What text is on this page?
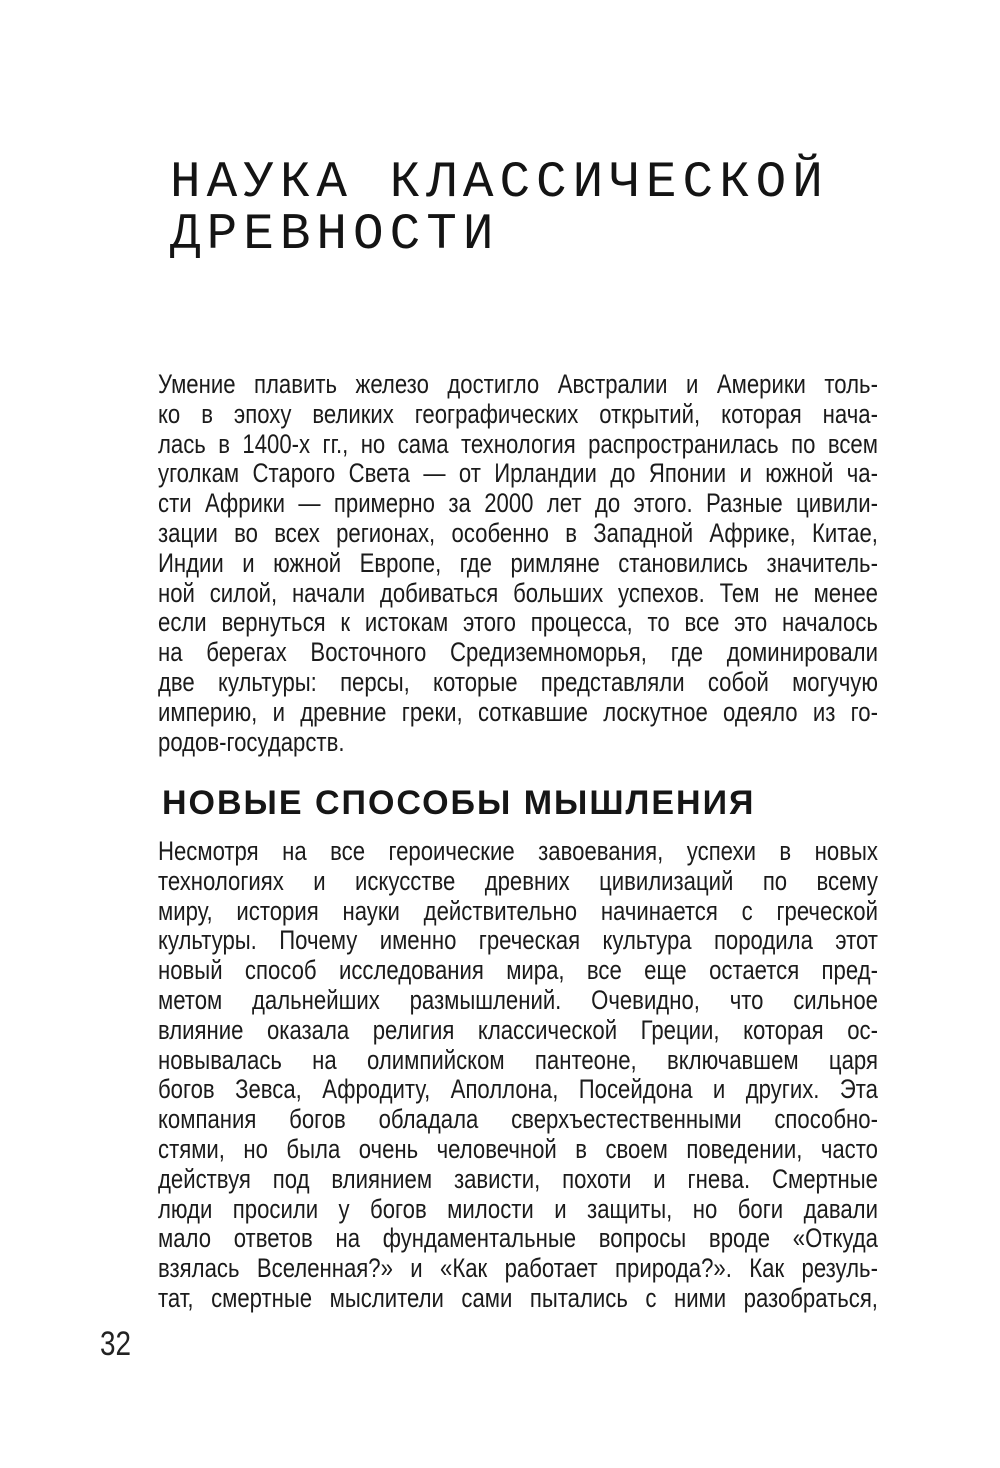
НАУКА КЛАССИЧЕСКОЙ
ДРЕВНОСТИ
Умение плавить железо достигло Австралии и Америки толь-
ко в эпоху великих географических открытий, которая нача-
лась в 1400-х гг., но сама технология распространилась по всем
уголкам Старого Света — от Ирландии до Японии и южной ча-
сти Африки — примерно за 2000 лет до этого. Разные цивили-
зации во всех регионах, особенно в Западной Африке, Китае,
Индии и южной Европе, где римляне становились значитель-
ной силой, начали добиваться больших успехов. Тем не менее
если вернуться к истокам этого процесса, то все это началось
на берегах Восточного Средиземноморья, где доминировали
две культуры: персы, которые представляли собой могучую
империю, и древние греки, соткавшие лоскутное одеяло из го-
родов-государств.
НОВЫЕ СПОСОБЫ МЫШЛЕНИЯ
Несмотря на все героические завоевания, успехи в новых
технологиях и искусстве древних цивилизаций по всему
миру, история науки действительно начинается с греческой
культуры. Почему именно греческая культура породила этот
новый способ исследования мира, все еще остается пред-
метом дальнейших размышлений. Очевидно, что сильное
влияние оказала религия классической Греции, которая ос-
новывалась на олимпийском пантеоне, включавшем царя
богов Зевса, Афродиту, Аполлона, Посейдона и других. Эта
компания богов обладала сверхъестественными способно-
стями, но была очень человечной в своем поведении, часто
действуя под влиянием зависти, похоти и гнева. Смертные
люди просили у богов милости и защиты, но боги давали
мало ответов на фундаментальные вопросы вроде «Откуда
взялась Вселенная?» и «Как работает природа?». Как резуль-
тат, смертные мыслители сами пытались с ними разобраться,
32
